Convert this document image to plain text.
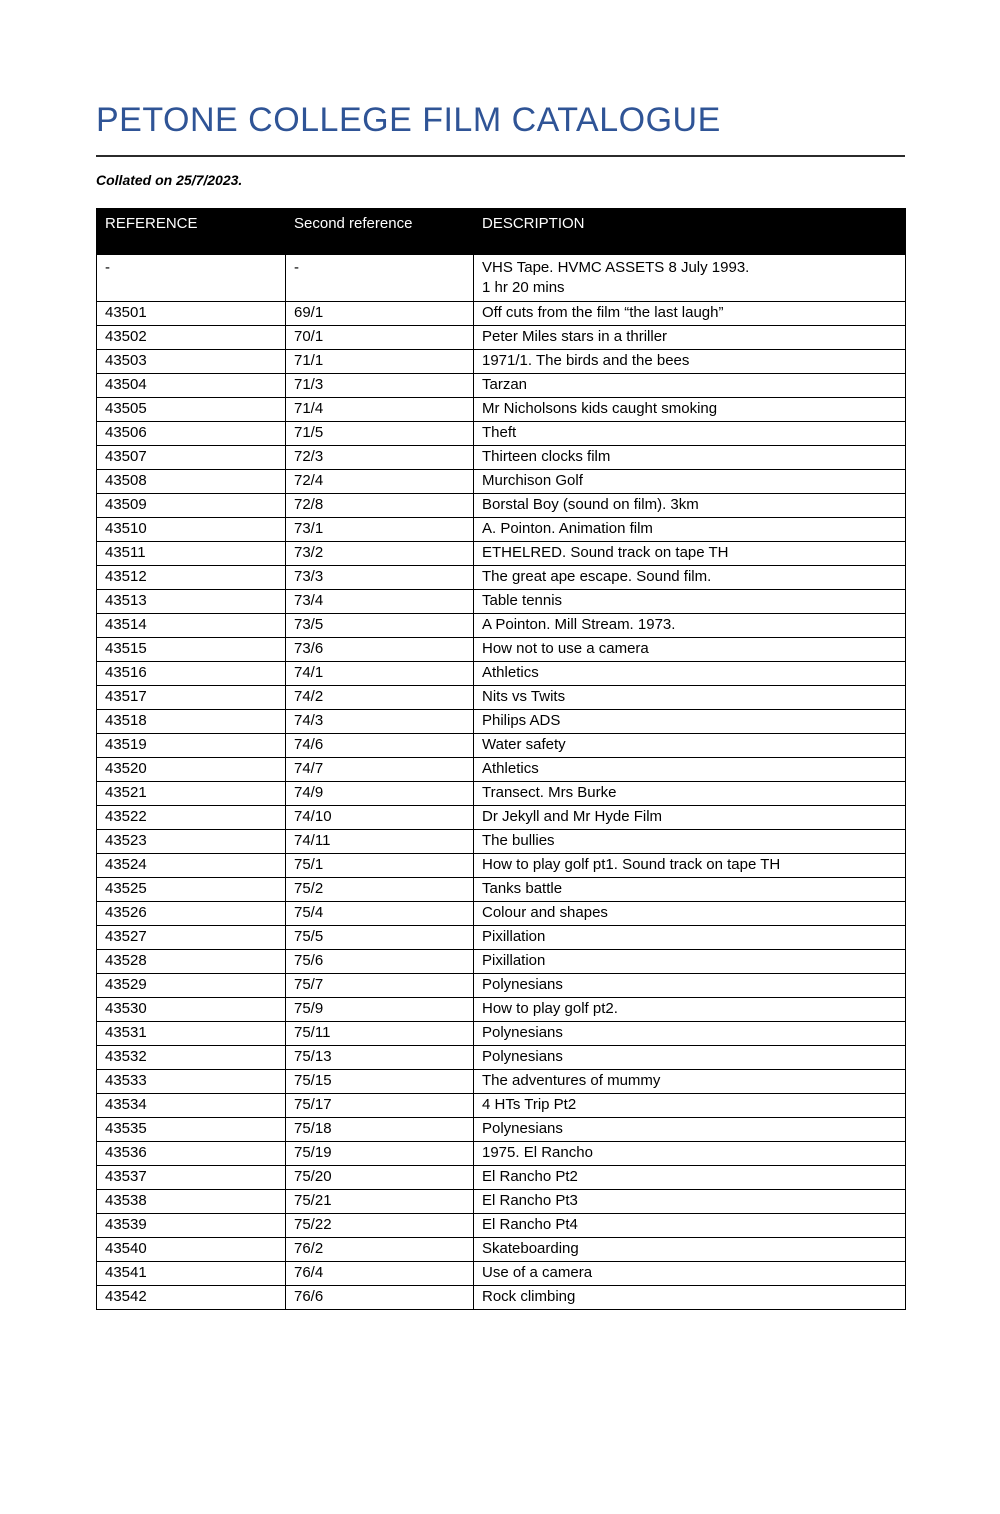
PETONE COLLEGE FILM CATALOGUE

Collated on 25/7/2023.

REFERENCE	Second reference	DESCRIPTION
-	-	VHS Tape. HVMC ASSETS 8 July 1993.
1 hr 20 mins

43501	69/1	Off cuts from the film “the last laugh”

43502	70/1	Peter Miles stars in a thriller

43503	71/1	1971/1. The birds and the bees

43504	71/3	Tarzan

43505	71/4	Mr Nicholsons kids caught smoking

43506	71/5	Theft

43507	72/3	Thirteen clocks film

43508	72/4	Murchison Golf

43509	72/8	Borstal Boy (sound on film). 3km

43510	73/1	A. Pointon. Animation film

43511	73/2	ETHELRED. Sound track on tape TH

43512	73/3	The great ape escape. Sound film.

43513	73/4	Table tennis

43514	73/5	A Pointon. Mill Stream. 1973.

43515	73/6	How not to use a camera

43516	74/1	Athletics

43517	74/2	Nits vs Twits

43518	74/3	Philips ADS

43519	74/6	Water safety

43520	74/7	Athletics

43521	74/9	Transect. Mrs Burke

43522	74/10	Dr Jekyll and Mr Hyde Film

43523	74/11	The bullies

43524	75/1	How to play golf pt1. Sound track on tape TH

43525	75/2	Tanks battle

43526	75/4	Colour and shapes

43527	75/5	Pixillation

43528	75/6	Pixillation

43529	75/7	Polynesians

43530	75/9	How to play golf pt2.

43531	75/11	Polynesians

43532	75/13	Polynesians

43533	75/15	The adventures of mummy

43534	75/17	4 HTs Trip Pt2

43535	75/18	Polynesians

43536	75/19	1975. El Rancho

43537	75/20	El Rancho Pt2

43538	75/21	El Rancho Pt3

43539	75/22	El Rancho Pt4

43540	76/2	Skateboarding

43541	76/4	Use of a camera

43542	76/6	Rock climbing
